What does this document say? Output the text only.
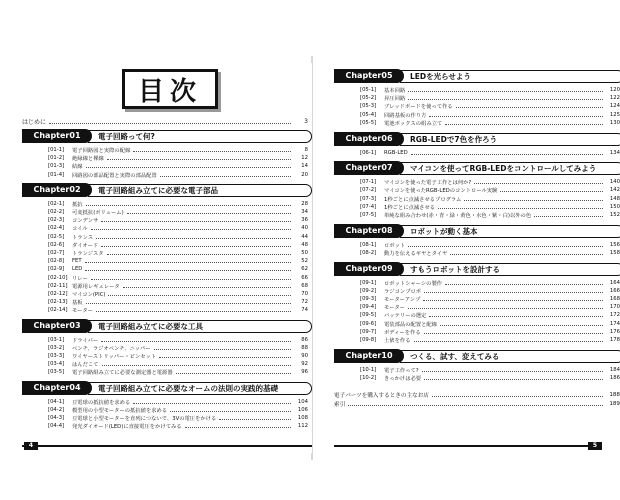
目次
はじめに	3
電子回路って何?
Chapter01
[01-1]	電子回路図と実際の配線	8
[01-2]	絶縁線と裸線	12
[01-3]	結線	14
[01-4]	回路図の部品配置と実際の部品配置	20
電子回路組み立てに必要な電子部品
Chapter02
[02-1]	抵抗	28
[02-2]	可変抵抗(ボリューム)	34
[02-3]	コンデンサ	36
[02-4]	コイル	40
[02-5]	トランス	44
[02-6]	ダイオード	48
[02-7]	トランジスタ	50
[02-8]	FET	52
[02-9]	LED	62
[02-10] リレー	66
[02-11] 電源用レギュレータ	68
[02-12] マイコン(PIC)	70
[02-13] 基板	72
[02-14] モーター	74
電子回路組み立てに必要な工具
Chapter03
[03-1]	ドライバー	86
[03-2]	ペンチ、ラジオペンチ、ニッパー	88
[03-3]	ワイヤーストリッパー・ピンセット	90
[03-4]	はんだこて	92
[03-5]	電子回路組み立てに必要な測定器と電源器	96
電子回路組み立てに必要なオームの法則の実践的基礎
Chapter04
[04-1]	豆電球の抵抗値を求める	104
[04-2]	模型用の小型モーターの抵抗値を求める	106
[04-3]	豆電球と小型モーターを直列につないで、3Vの電圧をかける	108
[04-4]	発光ダイオード(LED)に直接電圧をかけてみる	112
LEDを光らせよう
Chapter05
[05-1]	基本回路	120
[05-2]	昇圧回路	122
[05-3]	ブレッドボードを使って作る	124
[05-4]	回路基板の作り方	125
[05-5]	電池ボックスの組み立て	130
RGB-LEDで7色を作ろう
Chapter06
[06-1]	RGB-LED	134
マイコンを使ってRGB-LEDをコントロールしてみよう
Chapter07
[07-1]	マイコンを使った電子工作とは何か?	140
[07-2]	マイコンを使ったRGB-LEDのコントロール実験	142
[07-3]	1秒ごとに点滅させるプログラム	148
[07-4]	1秒ごとに点滅させる	150
[07-5]	単純な組み合わせ(赤・青・緑・黄色・水色・紫・白)以外の色	152
ロボットが動く基本
Chapter08
[08-1]	ロボット	156
[08-2]	動力を伝えるギヤとタイヤ	158
すもうロボットを設計する
Chapter09
[09-1]	ロボットシャーシの製作	164
[09-2]	ラジコンプロポ	166
[09-3]	モーターアンプ	168
[09-4]	モーター	170
[09-5]	バッテリーの選定	172
[09-6]	電装部品の配置と配線	174
[09-7]	ボディーを作る	176
[09-8]	土俵を作る	178
つくる、試す、変えてみる
Chapter10
[10-1]	電子工作って?	184
[10-2]	きっかけは必要	186
電子パーツを購入するときの主なお店	188
索引	189
4	5
